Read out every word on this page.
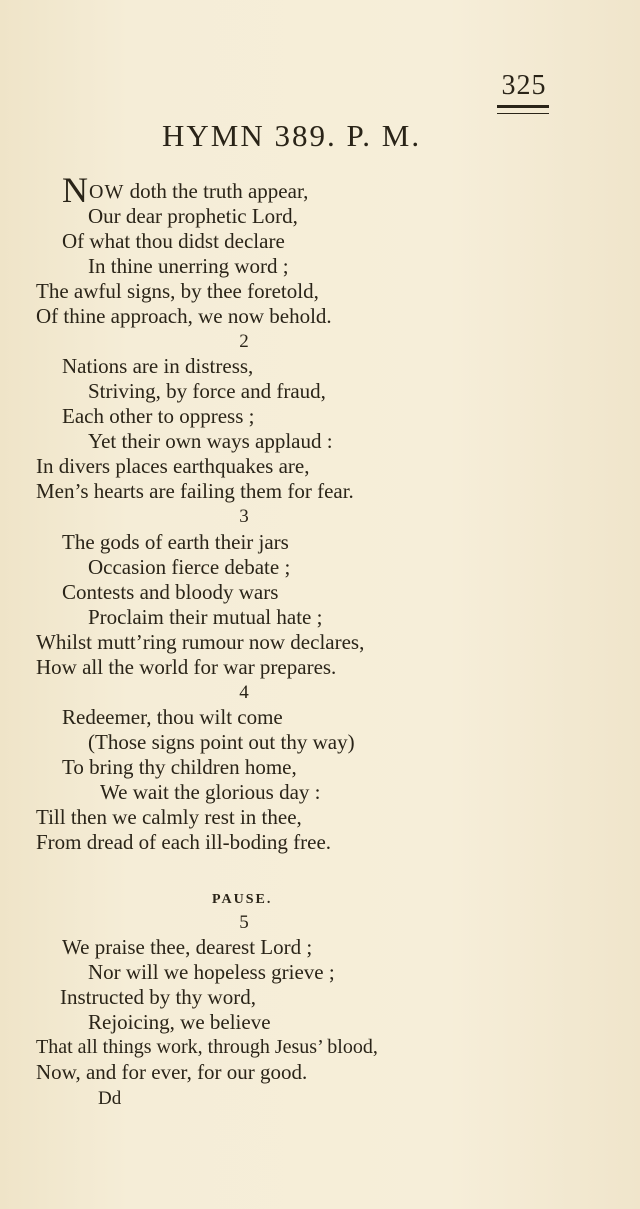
325
HYMN 389. P. M.
NOW doth the truth appear,
Our dear prophetic Lord,
Of what thou didst declare
In thine unerring word ;
The awful signs, by thee foretold,
Of thine approach, we now behold.
2
Nations are in distress,
Striving, by force and fraud,
Each other to oppress ;
Yet their own ways applaud :
In divers places earthquakes are,
Men’s hearts are failing them for fear.
3
The gods of earth their jars
Occasion fierce debate ;
Contests and bloody wars
Proclaim their mutual hate ;
Whilst mutt’ring rumour now declares,
How all the world for war prepares.
4
Redeemer, thou wilt come
(Those signs point out thy way)
To bring thy children home,
We wait the glorious day :
Till then we calmly rest in thee,
From dread of each ill-boding free.
PAUSE.
5
We praise thee, dearest Lord ;
Nor will we hopeless grieve ;
Instructed by thy word,
Rejoicing, we believe
That all things work, through Jesus’ blood,
Now, and for ever, for our good.
Dd
